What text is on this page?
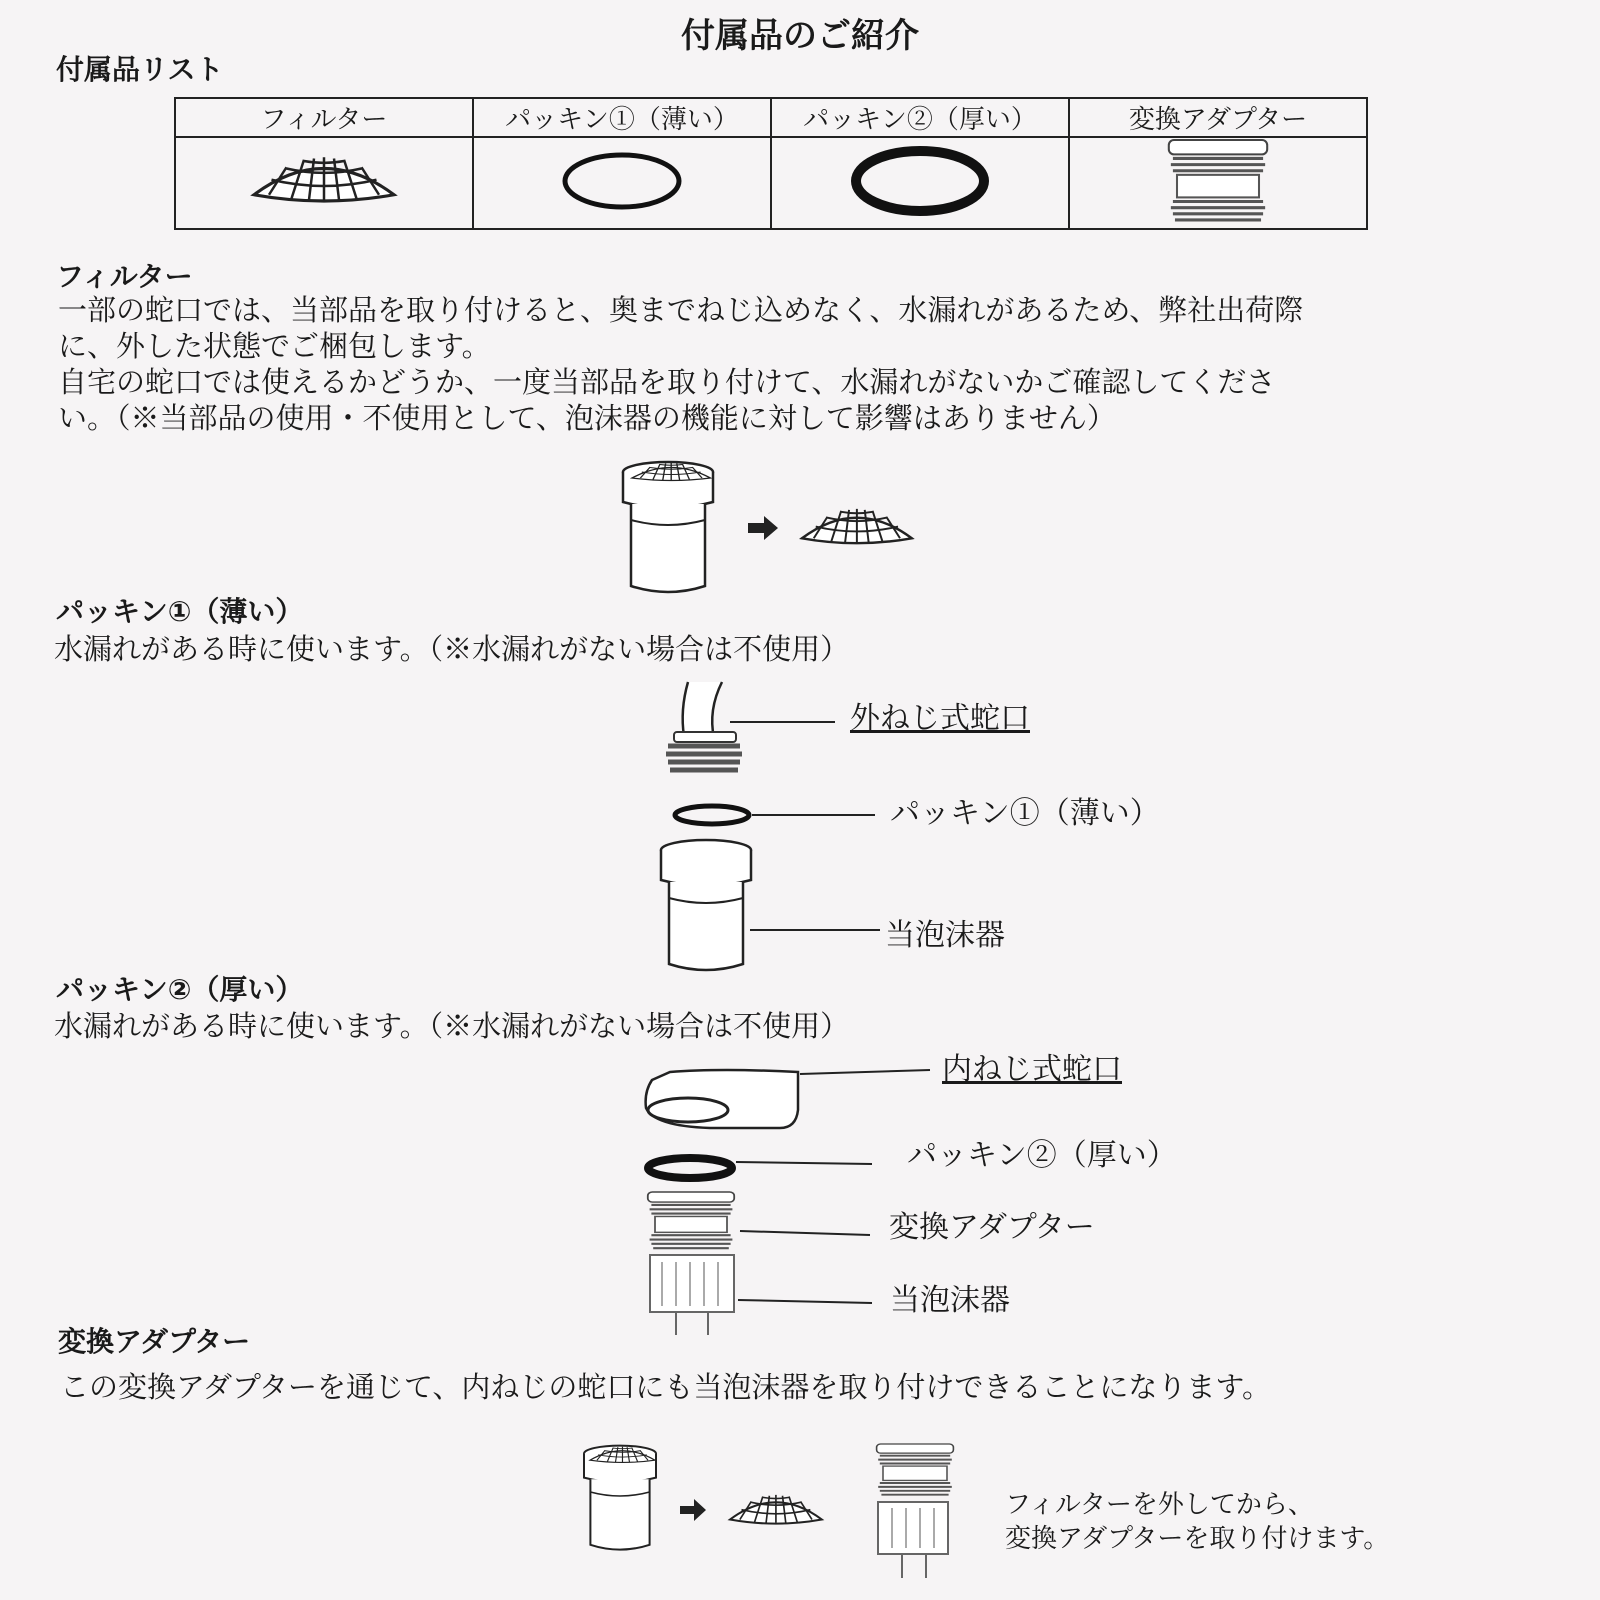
付属品のご紹介
付属品リスト
フィルター	パッキン①（薄い）	パッキン②（厚い）	変換アダプター

フィルター
一部の蛇口では、当部品を取り付けると、奥までねじ込めなく、水漏れがあるため、弊社出荷際
に、外した状態でご梱包します。
自宅の蛇口では使えるかどうか、一度当部品を取り付けて、水漏れがないかご確認してくださ
い。（※当部品の使用・不使用として、泡沫器の機能に対して影響はありません）
パッキン①（薄い）
水漏れがある時に使います。（※水漏れがない場合は不使用）
外ねじ式蛇口
パッキン①（薄い）
当泡沫器
パッキン②（厚い）
水漏れがある時に使います。（※水漏れがない場合は不使用）
内ねじ式蛇口
パッキン②（厚い）
変換アダプター
当泡沫器
変換アダプター
この変換アダプターを通じて、内ねじの蛇口にも当泡沫器を取り付けできることになります。
フィルターを外してから、
変換アダプターを取り付けます。
